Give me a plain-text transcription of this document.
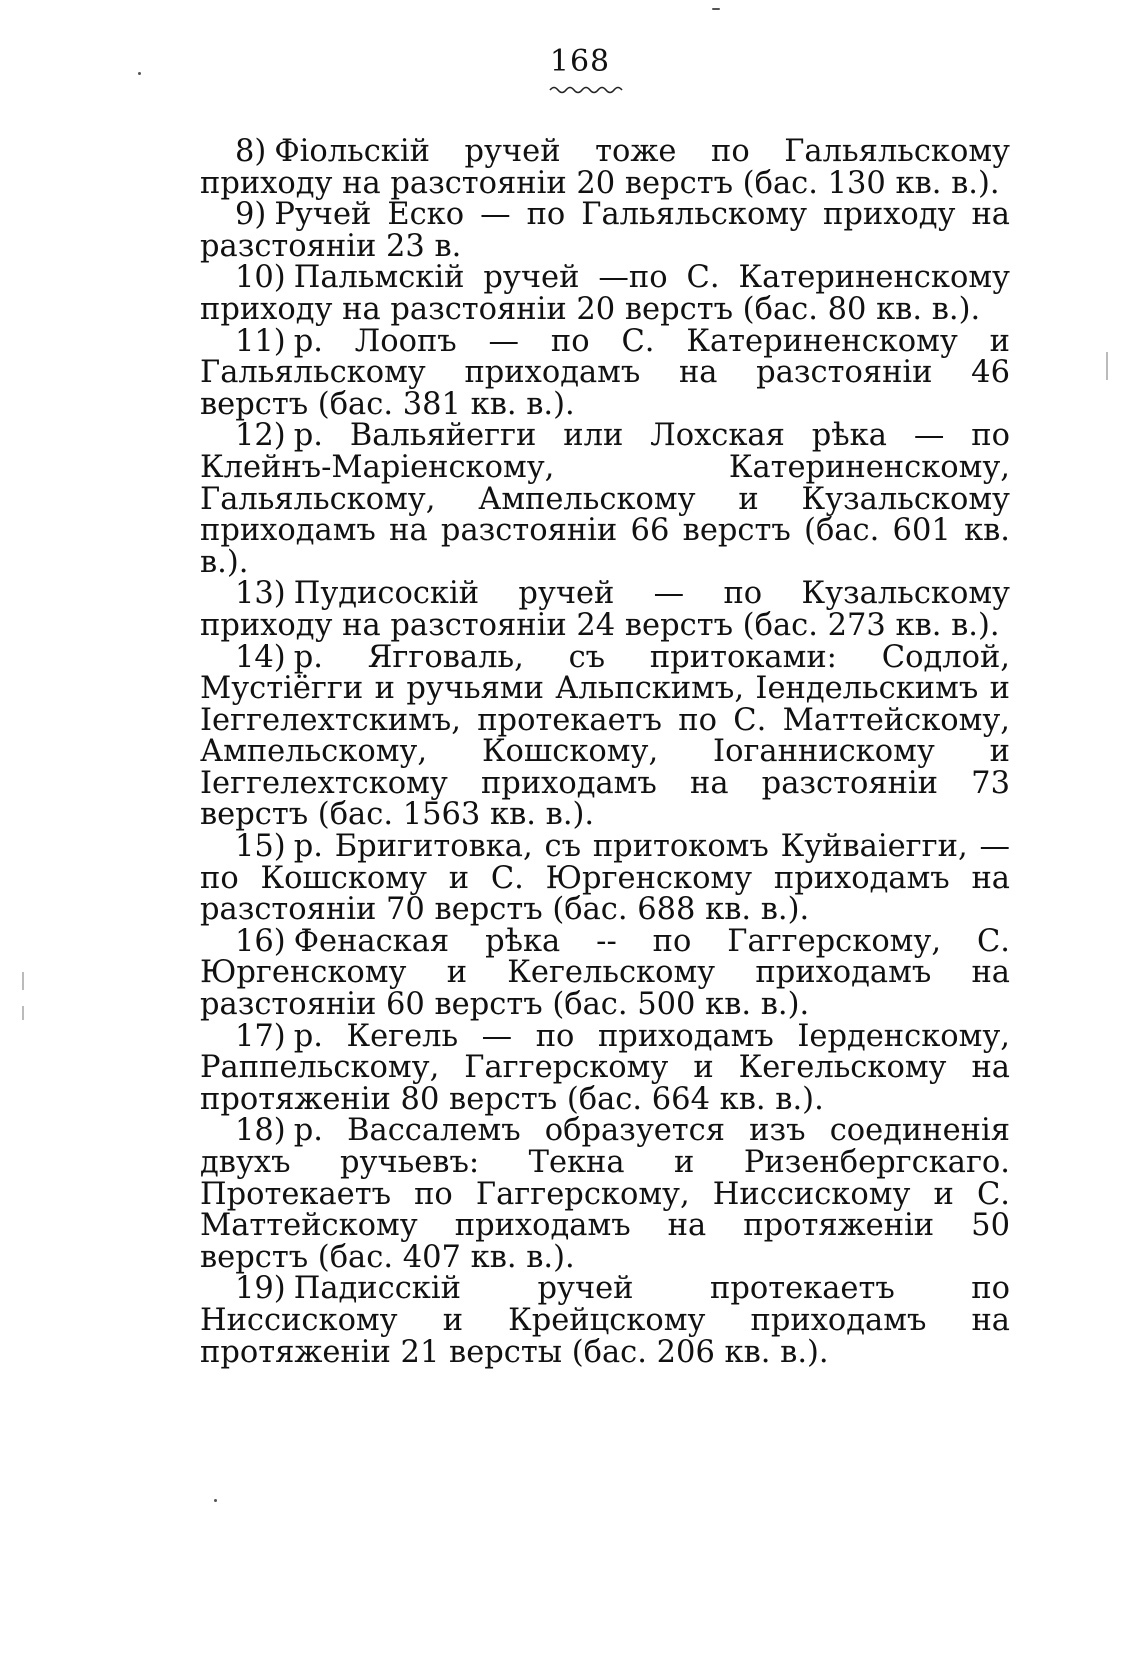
168

8) Фіольскій ручей тоже по Гальяльскому приходу на разстояніи 20 верстъ (бас. 130 кв. в.).

9) Ручей Еско — по Гальяльскому приходу на разстояніи 23 в.

10) Пальмскій ручей —по С. Катериненскому приходу на разстояніи 20 верстъ (бас. 80 кв. в.).

11) р. Лоопъ — по С. Катериненскому и Гальяльскому приходамъ на разстояніи 46 верстъ (бас. 381 кв. в.).

12) р. Вальяйегги или Лохская рѣка — по Клейнъ-Маріенскому, Катериненскому, Гальяльскому, Ампельскому и Кузальскому приходамъ на разстояніи 66 верстъ (бас. 601 кв. в.).

13) Пудисоскій ручей — по Кузальскому приходу на разстояніи 24 верстъ (бас. 273 кв. в.).

14) р. Ягговаль, съ притоками: Содлой, Мустіёгги и ручьями Альпскимъ, Іендельскимъ и Іеггелехтскимъ, протекаетъ по С. Маттейскому, Ампельскому, Кошскому, Іоганнискому и Іеггелехтскому приходамъ на разстояніи 73 верстъ (бас. 1563 кв. в.).

15) р. Бригитовка, съ притокомъ Куйваіегги, — по Кошскому и С. Юргенскому приходамъ на разстояніи 70 верстъ (бас. 688 кв. в.).

16) Фенаская рѣка -- по Гаггерскому, С. Юргенскому и Кегельскому приходамъ на разстояніи 60 верстъ (бас. 500 кв. в.).

17) р. Кегель — по приходамъ Іерденскому, Раппельскому, Гаггерскому и Кегельскому на протяженіи 80 верстъ (бас. 664 кв. в.).

18) р. Вассалемъ образуется изъ соединенія двухъ ручьевъ: Текна и Ризенбергскаго. Протекаетъ по Гаггерскому, Ниссискому и С. Маттейскому приходамъ на протяженіи 50 верстъ (бас. 407 кв. в.).

19) Падисскій ручей протекаетъ по Ниссискому и Крейцскому приходамъ на протяженіи 21 версты (бас. 206 кв. в.).
